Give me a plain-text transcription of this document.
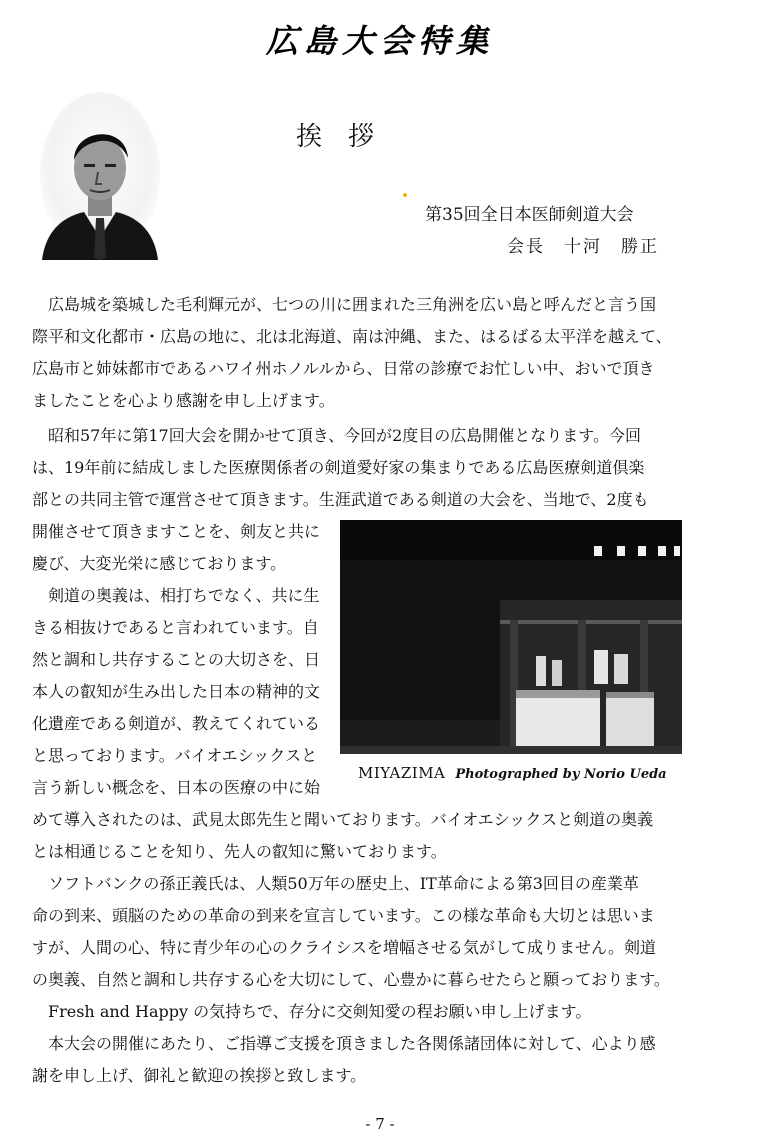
広島大会特集
挨拶
第35回全日本医師剣道大会
会長　十河　勝正
　広島城を築城した毛利輝元が、七つの川に囲まれた三角洲を広い島と呼んだと言う国
際平和文化都市・広島の地に、北は北海道、南は沖縄、また、はるばる太平洋を越えて、
広島市と姉妹都市であるハワイ州ホノルルから、日常の診療でお忙しい中、おいで頂き
ましたことを心より感謝を申し上げます。
　昭和57年に第17回大会を開かせて頂き、今回が2度目の広島開催となります。今回
は、19年前に結成しました医療関係者の剣道愛好家の集まりである広島医療剣道倶楽
部との共同主管で運営させて頂きます。生涯武道である剣道の大会を、当地で、2度も
開催させて頂きますことを、剣友と共に
慶び、大変光栄に感じております。
　剣道の奥義は、相打ちでなく、共に生
きる相抜けであると言われています。自
然と調和し共存することの大切さを、日
本人の叡知が生み出した日本の精神的文
化遺産である剣道が、教えてくれている
と思っております。バイオエシックスと
言う新しい概念を、日本の医療の中に始
めて導入されたのは、武見太郎先生と聞いております。バイオエシックスと剣道の奥義
とは相通じることを知り、先人の叡知に驚いております。
　ソフトバンクの孫正義氏は、人類50万年の歴史上、IT革命による第3回目の産業革
命の到来、頭脳のための革命の到来を宣言しています。この様な革命も大切とは思いま
すが、人間の心、特に青少年の心のクライシスを増幅させる気がして成りません。剣道
の奥義、自然と調和し共存する心を大切にして、心豊かに暮らせたらと願っております。
　Fresh and Happy の気持ちで、存分に交剣知愛の程お願い申し上げます。
　本大会の開催にあたり、ご指導ご支援を頂きました各関係諸団体に対して、心より感
謝を申し上げ、御礼と歓迎の挨拶と致します。
MIYAZIMA Photographed by Norio Ueda
- 7 -
